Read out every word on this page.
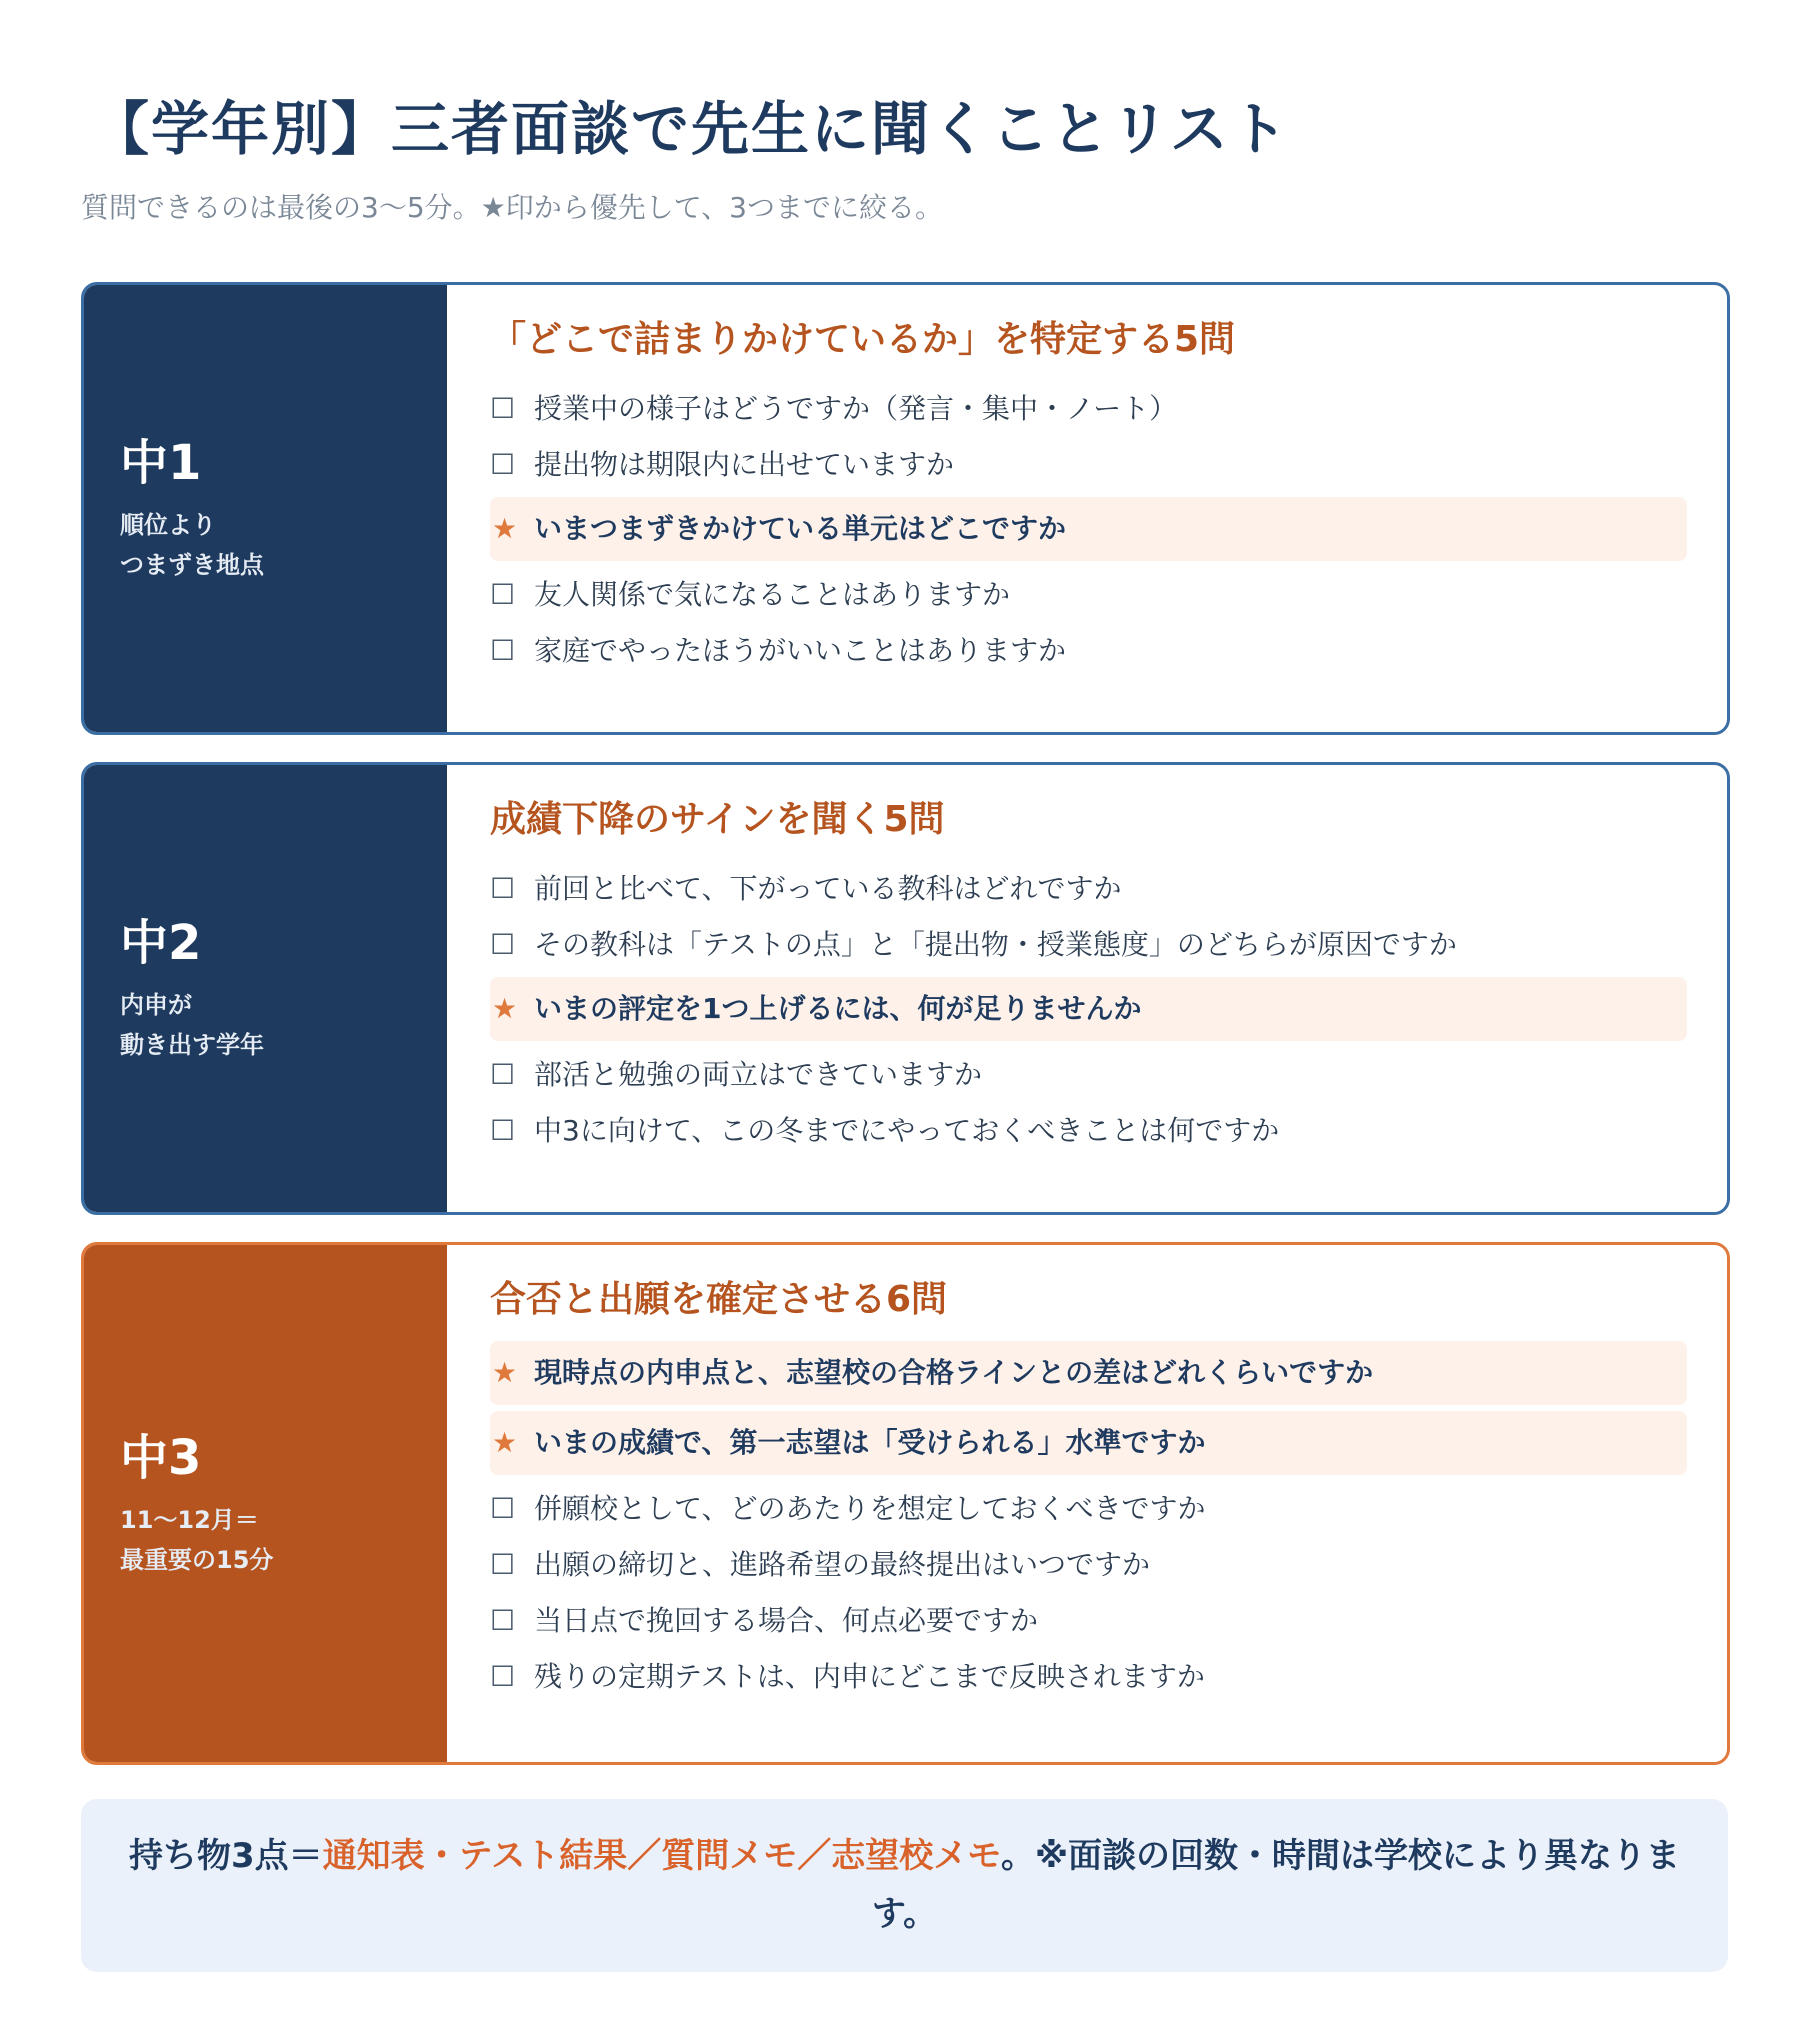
【学年別】三者面談で先生に聞くことリスト
質問できるのは最後の3〜5分。★印から優先して、3つまでに絞る。
中1
順位より
つまずき地点
「どこで詰まりかけているか」を特定する5問
☐ 授業中の様子はどうですか（発言・集中・ノート）
☐ 提出物は期限内に出せていますか
★ いまつまずきかけている単元はどこですか
☐ 友人関係で気になることはありますか
☐ 家庭でやったほうがいいことはありますか
中2
内申が
動き出す学年
成績下降のサインを聞く5問
☐ 前回と比べて、下がっている教科はどれですか
☐ その教科は「テストの点」と「提出物・授業態度」のどちらが原因ですか
★ いまの評定を1つ上げるには、何が足りませんか
☐ 部活と勉強の両立はできていますか
☐ 中3に向けて、この冬までにやっておくべきことは何ですか
中3
11〜12月＝
最重要の15分
合否と出願を確定させる6問
★ 現時点の内申点と、志望校の合格ラインとの差はどれくらいですか
★ いまの成績で、第一志望は「受けられる」水準ですか
☐ 併願校として、どのあたりを想定しておくべきですか
☐ 出願の締切と、進路希望の最終提出はいつですか
☐ 当日点で挽回する場合、何点必要ですか
☐ 残りの定期テストは、内申にどこまで反映されますか
持ち物3点＝通知表・テスト結果／質問メモ／志望校メモ。※面談の回数・時間は学校により異なります。
